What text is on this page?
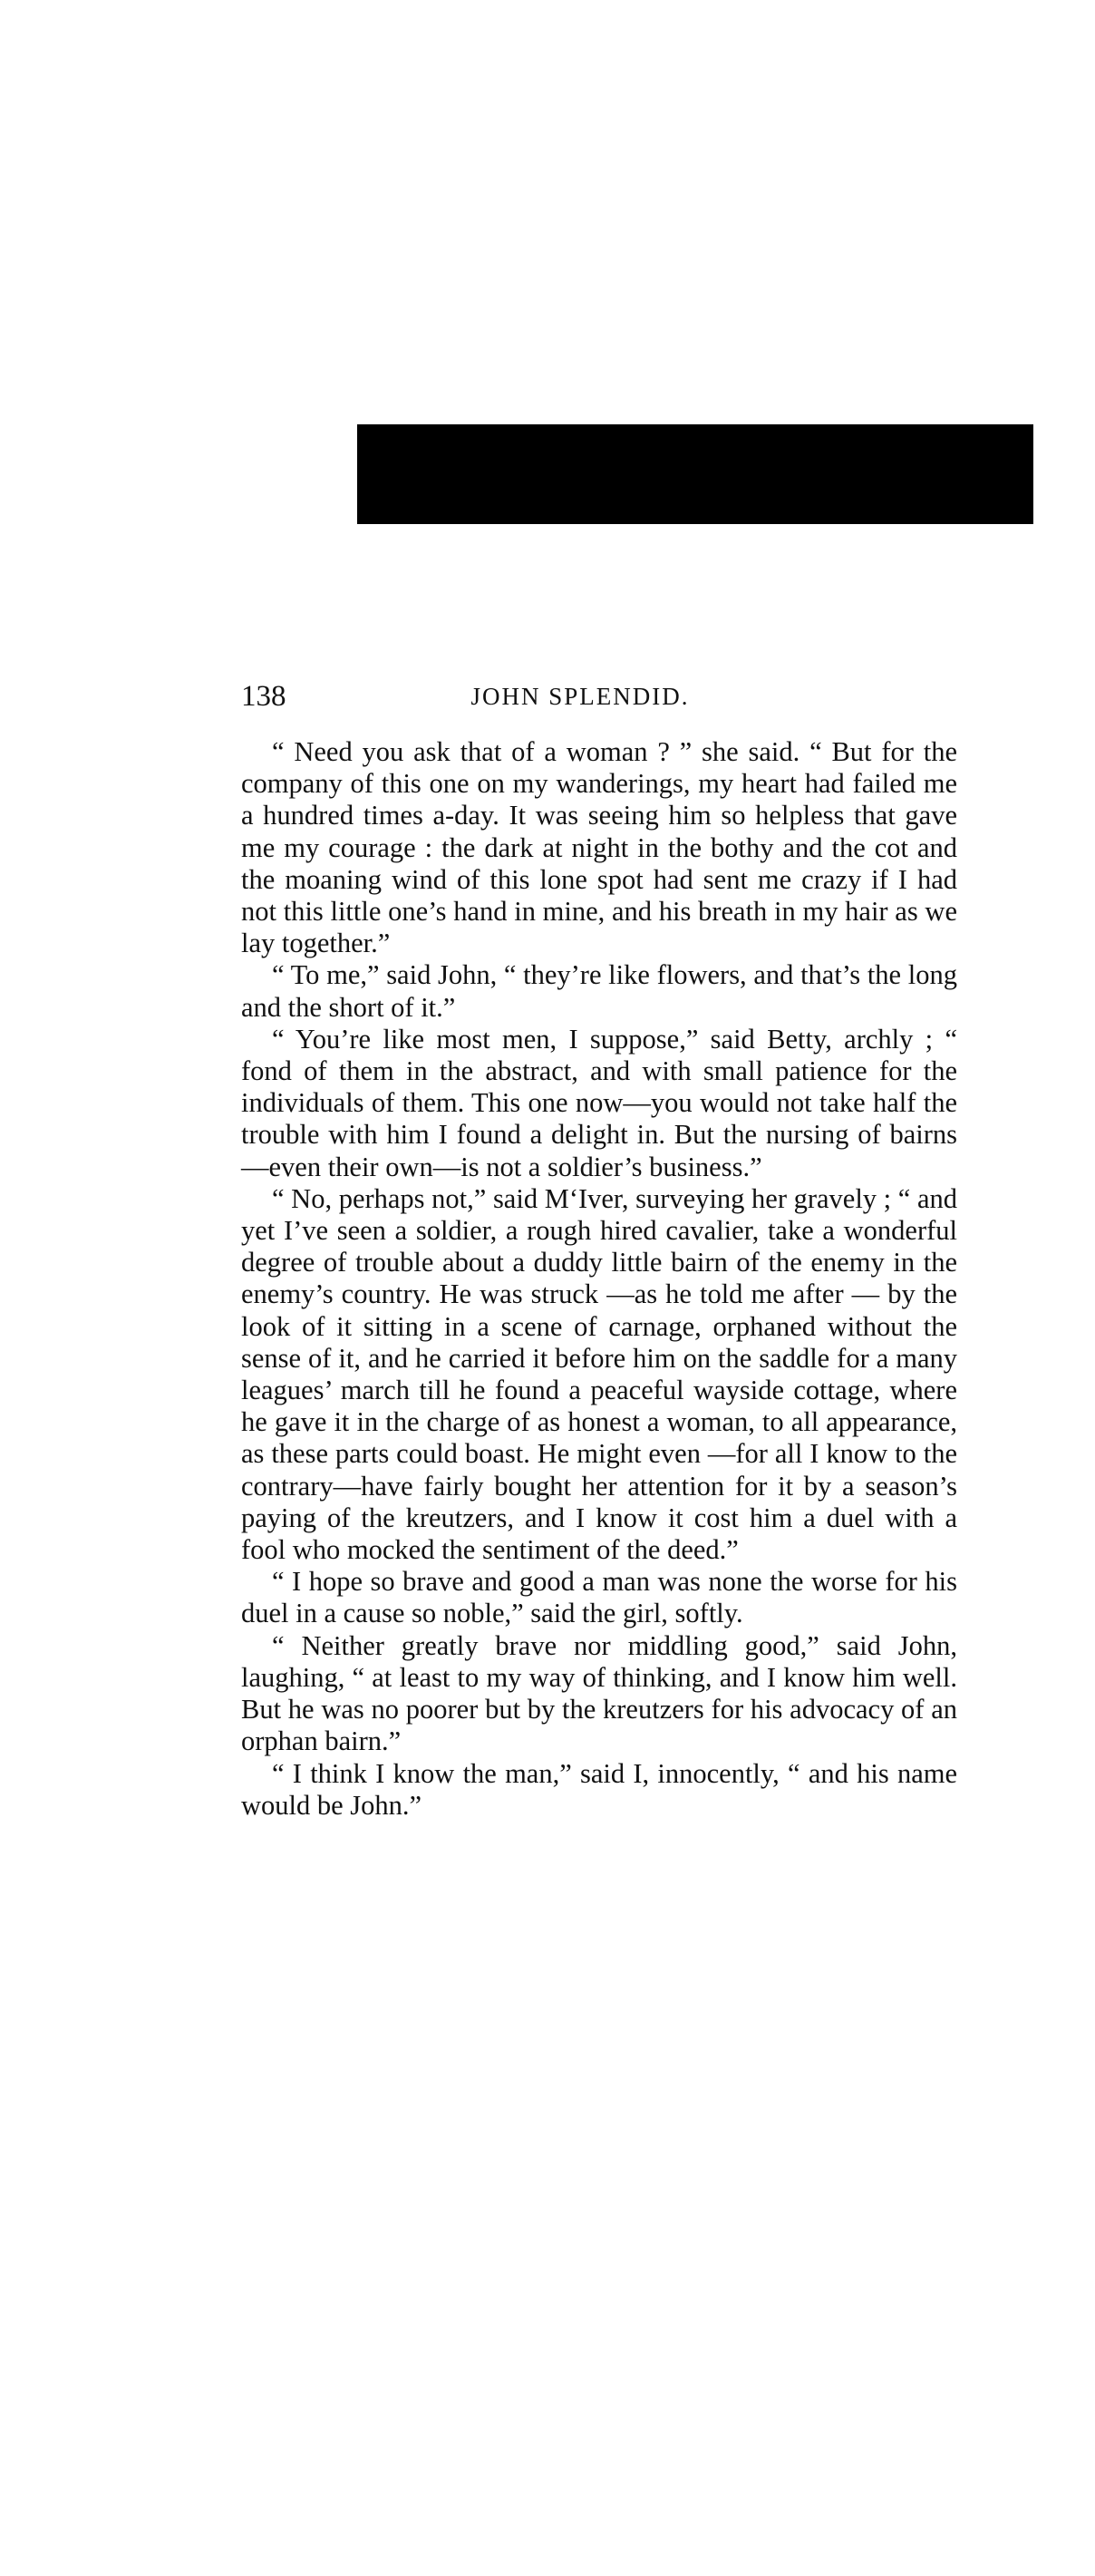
138	JOHN SPLENDID.

“ Need you ask that of a woman ? ” she said. “ But for the company of this one on my wanderings, my heart had failed me a hundred times a-day. It was seeing him so helpless that gave me my courage : the dark at night in the bothy and the cot and the moaning wind of this lone spot had sent me crazy if I had not this little one’s hand in mine, and his breath in my hair as we lay together.”

“ To me,” said John, “ they’re like flowers, and that’s the long and the short of it.”

“ You’re like most men, I suppose,” said Betty, archly ; “ fond of them in the abstract, and with small patience for the individuals of them. This one now—you would not take half the trouble with him I found a delight in. But the nursing of bairns—even their own—is not a soldier’s business.”

“ No, perhaps not,” said M‘Iver, surveying her gravely ; “ and yet I’ve seen a soldier, a rough hired cavalier, take a wonderful degree of trouble about a duddy little bairn of the enemy in the enemy’s country. He was struck —as he told me after — by the look of it sitting in a scene of carnage, orphaned without the sense of it, and he carried it before him on the saddle for a many leagues’ march till he found a peaceful wayside cottage, where he gave it in the charge of as honest a woman, to all appearance, as these parts could boast. He might even —for all I know to the contrary—have fairly bought her attention for it by a season’s paying of the kreutzers, and I know it cost him a duel with a fool who mocked the sentiment of the deed.”

“ I hope so brave and good a man was none the worse for his duel in a cause so noble,” said the girl, softly.

“ Neither greatly brave nor middling good,” said John, laughing, “ at least to my way of thinking, and I know him well. But he was no poorer but by the kreutzers for his advocacy of an orphan bairn.”

“ I think I know the man,” said I, innocently, “ and his name would be John.”
